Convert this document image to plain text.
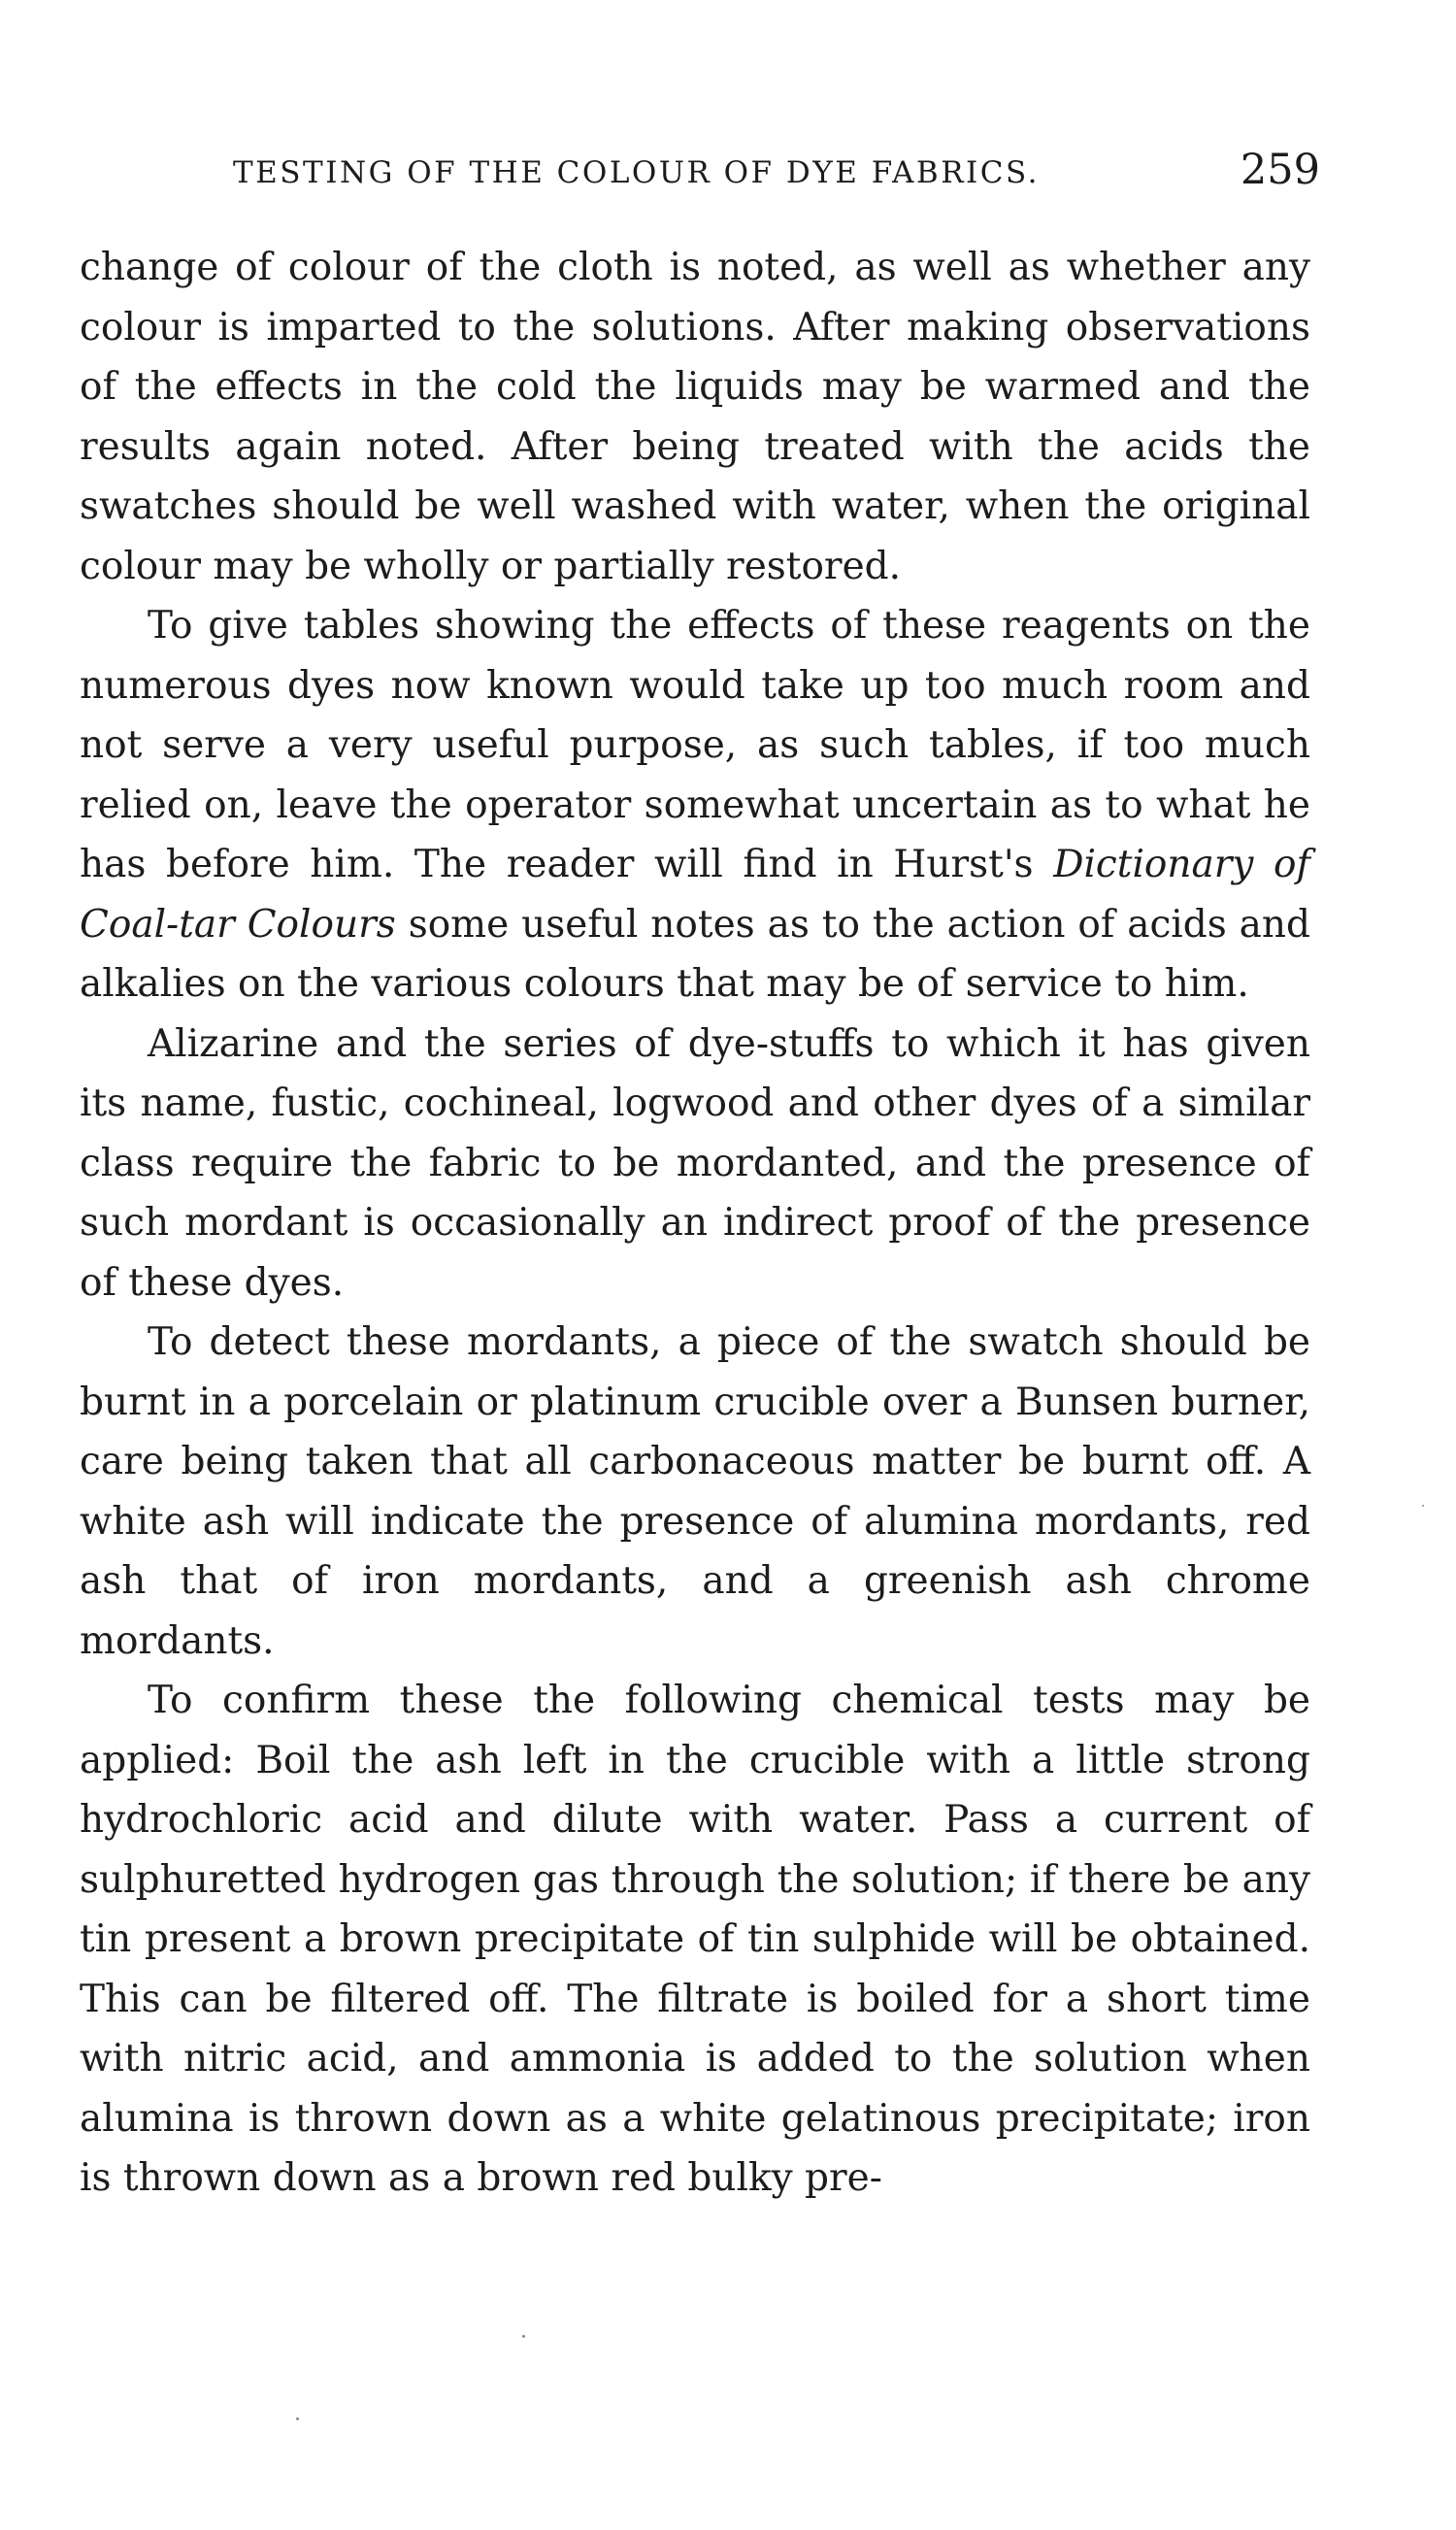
TESTING OF THE COLOUR OF DYE FABRICS.	259

change of colour of the cloth is noted, as well as whether any colour is imparted to the solutions. After making observations of the effects in the cold the liquids may be warmed and the results again noted. After being treated with the acids the swatches should be well washed with water, when the original colour may be wholly or partially restored.

To give tables showing the effects of these reagents on the numerous dyes now known would take up too much room and not serve a very useful purpose, as such tables, if too much relied on, leave the operator somewhat uncertain as to what he has before him. The reader will find in Hurst's Dictionary of Coal-tar Colours some useful notes as to the action of acids and alkalies on the various colours that may be of service to him.

Alizarine and the series of dye-stuffs to which it has given its name, fustic, cochineal, logwood and other dyes of a similar class require the fabric to be mordanted, and the presence of such mordant is occasionally an indirect proof of the presence of these dyes.

To detect these mordants, a piece of the swatch should be burnt in a porcelain or platinum crucible over a Bunsen burner, care being taken that all carbonaceous matter be burnt off. A white ash will indicate the presence of alumina mordants, red ash that of iron mordants, and a greenish ash chrome mordants.

To confirm these the following chemical tests may be applied: Boil the ash left in the crucible with a little strong hydrochloric acid and dilute with water. Pass a current of sulphuretted hydrogen gas through the solution; if there be any tin present a brown precipitate of tin sulphide will be obtained. This can be filtered off. The filtrate is boiled for a short time with nitric acid, and ammonia is added to the solution when alumina is thrown down as a white gelatinous precipitate; iron is thrown down as a brown red bulky pre-
